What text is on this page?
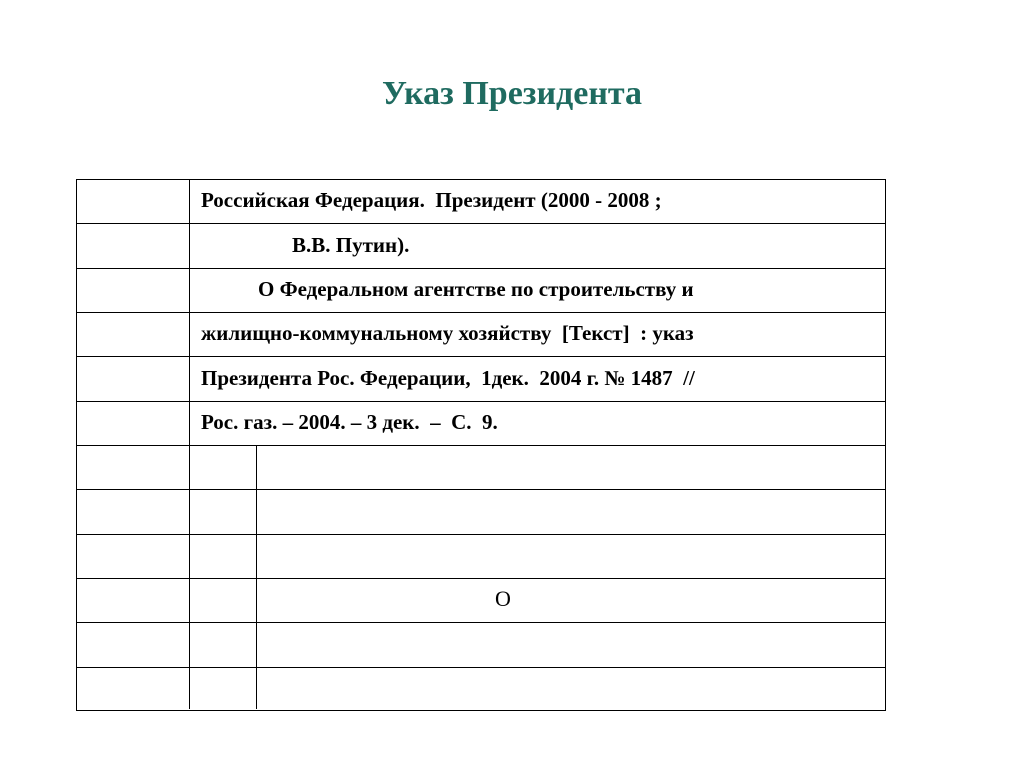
Указ Президента
Российская Федерация.  Президент (2000 - 2008 ;
В.В. Путин).
О Федеральном агентстве по строительству и
жилищно-коммунальному хозяйству  [Текст]  : указ
Президента Рос. Федерации,  1дек.  2004 г. № 1487  //
Рос. газ. – 2004. – 3 дек.  –  С.  9.
О
